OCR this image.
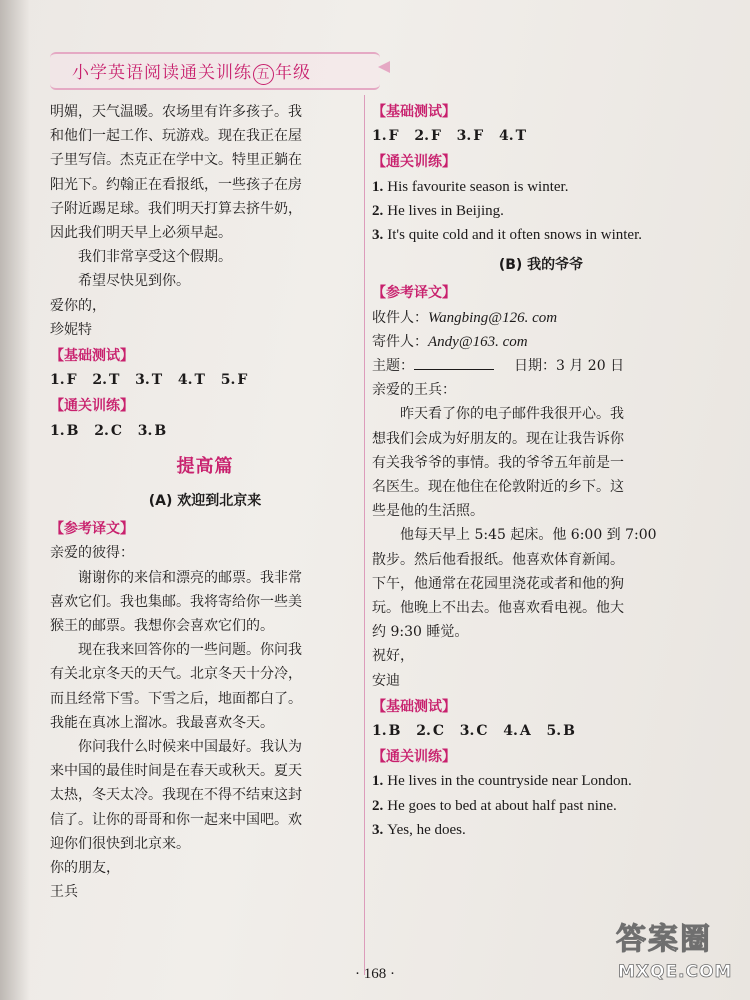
小学英语阅读通关训练 五 年级

明媚，天气温暖。农场里有许多孩子。我

和他们一起工作、玩游戏。现在我正在屋

子里写信。杰克正在学中文。特里正躺在

阳光下。约翰正在看报纸，一些孩子在房

子附近踢足球。我们明天打算去挤牛奶，

因此我们明天早上必须早起。

我们非常享受这个假期。

希望尽快见到你。

爱你的，

珍妮特

【 基础测试 】

1. F 2. T 3. T 4. T 5. F

【 通关训练 】

1. B 2. C 3. B

提高篇
(A) 欢迎到北京来

【 参考译文 】

亲爱的彼得：

谢谢你的来信和漂亮的邮票。我非常

喜欢它们。我也集邮。我将寄给你一些美

猴王的邮票。我想你会喜欢它们的。

现在我来回答你的一些问题。你问我

有关北京冬天的天气。北京冬天十分冷，

而且经常下雪。下雪之后，地面都白了。

我能在真冰上溜冰。我最喜欢冬天。

你问我什么时候来中国最好。我认为

来中国的最佳时间是在春天或秋天。夏天

太热，冬天太冷。我现在不得不结束这封

信了。让你的哥哥和你一起来中国吧。欢

迎你们很快到北京来。

你的朋友，

王兵

【 基础测试 】

1. F 2. F 3. F 4. T

【 通关训练 】

1. His favourite season is winter.

2. He lives in Beijing.

3. It's quite cold and it often snows in winter.

(B) 我的爷爷

【 参考译文 】

收件人：Wangbing@126. com

寄件人：Andy@163. com

主题：	日期：3 月 20 日

亲爱的王兵：

昨天看了你的电子邮件我很开心。我

想我们会成为好朋友的。现在让我告诉你

有关我爷爷的事情。我的爷爷五年前是一

名医生。现在他住在伦敦附近的乡下。这

些是他的生活照。

他每天早上 5:45 起床。他 6:00 到 7:00

散步。然后他看报纸。他喜欢体育新闻。

下午，他通常在花园里浇花或者和他的狗

玩。他晚上不出去。他喜欢看电视。他大

约 9:30 睡觉。

祝好，

安迪

【 基础测试 】

1. B 2. C 3. C 4. A 5. B

【 通关训练 】

1. He lives in the countryside near London.

2. He goes to bed at about half past nine.

3. Yes, he does.

· 168 ·
答案圈
MXQE.COM
